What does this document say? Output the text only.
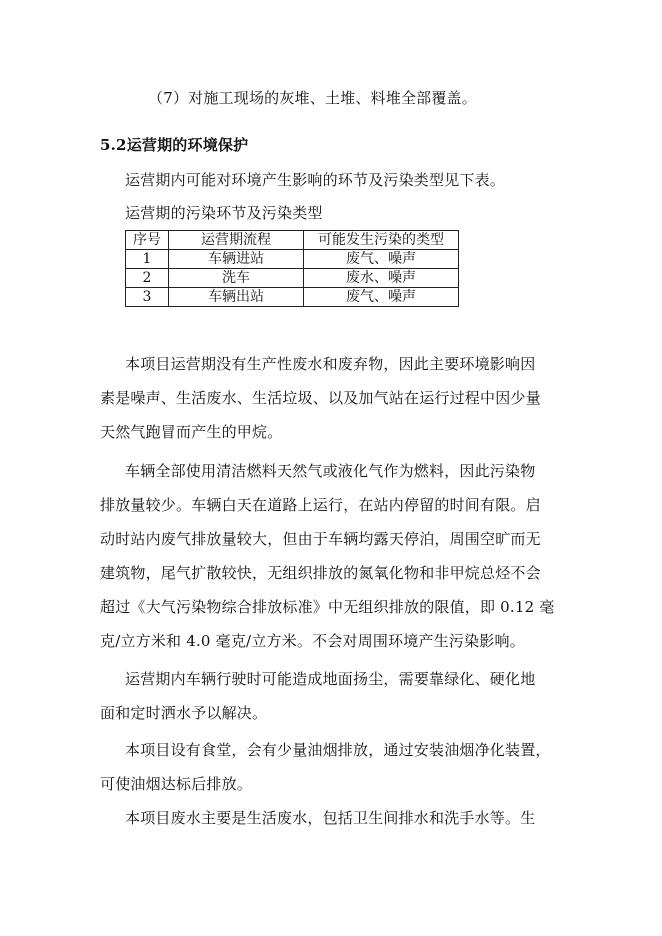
（7）对施工现场的灰堆、土堆、料堆全部覆盖。
5.2运营期的环境保护
运营期内可能对环境产生影响的环节及污染类型见下表。
运营期的污染环节及污染类型
序号	运营期流程	可能发生污染的类型
1	车辆进站	废气、噪声
2	洗车	废水、噪声
3	车辆出站	废气、噪声
本项目运营期没有生产性废水和废弃物，因此主要环境影响因
素是噪声、生活废水、生活垃圾、以及加气站在运行过程中因少量
天然气跑冒而产生的甲烷。
车辆全部使用清洁燃料天然气或液化气作为燃料，因此污染物
排放量较少。车辆白天在道路上运行，在站内停留的时间有限。启
动时站内废气排放量较大，但由于车辆均露天停泊，周围空旷而无
建筑物，尾气扩散较快，无组织排放的氮氧化物和非甲烷总烃不会
超过《大气污染物综合排放标准》中无组织排放的限值，即 0.12 毫
克/立方米和 4.0 毫克/立方米。不会对周围环境产生污染影响。
运营期内车辆行驶时可能造成地面扬尘，需要靠绿化、硬化地
面和定时洒水予以解决。
本项目设有食堂，会有少量油烟排放，通过安装油烟净化装置，
可使油烟达标后排放。
本项目废水主要是生活废水，包括卫生间排水和洗手水等。生
